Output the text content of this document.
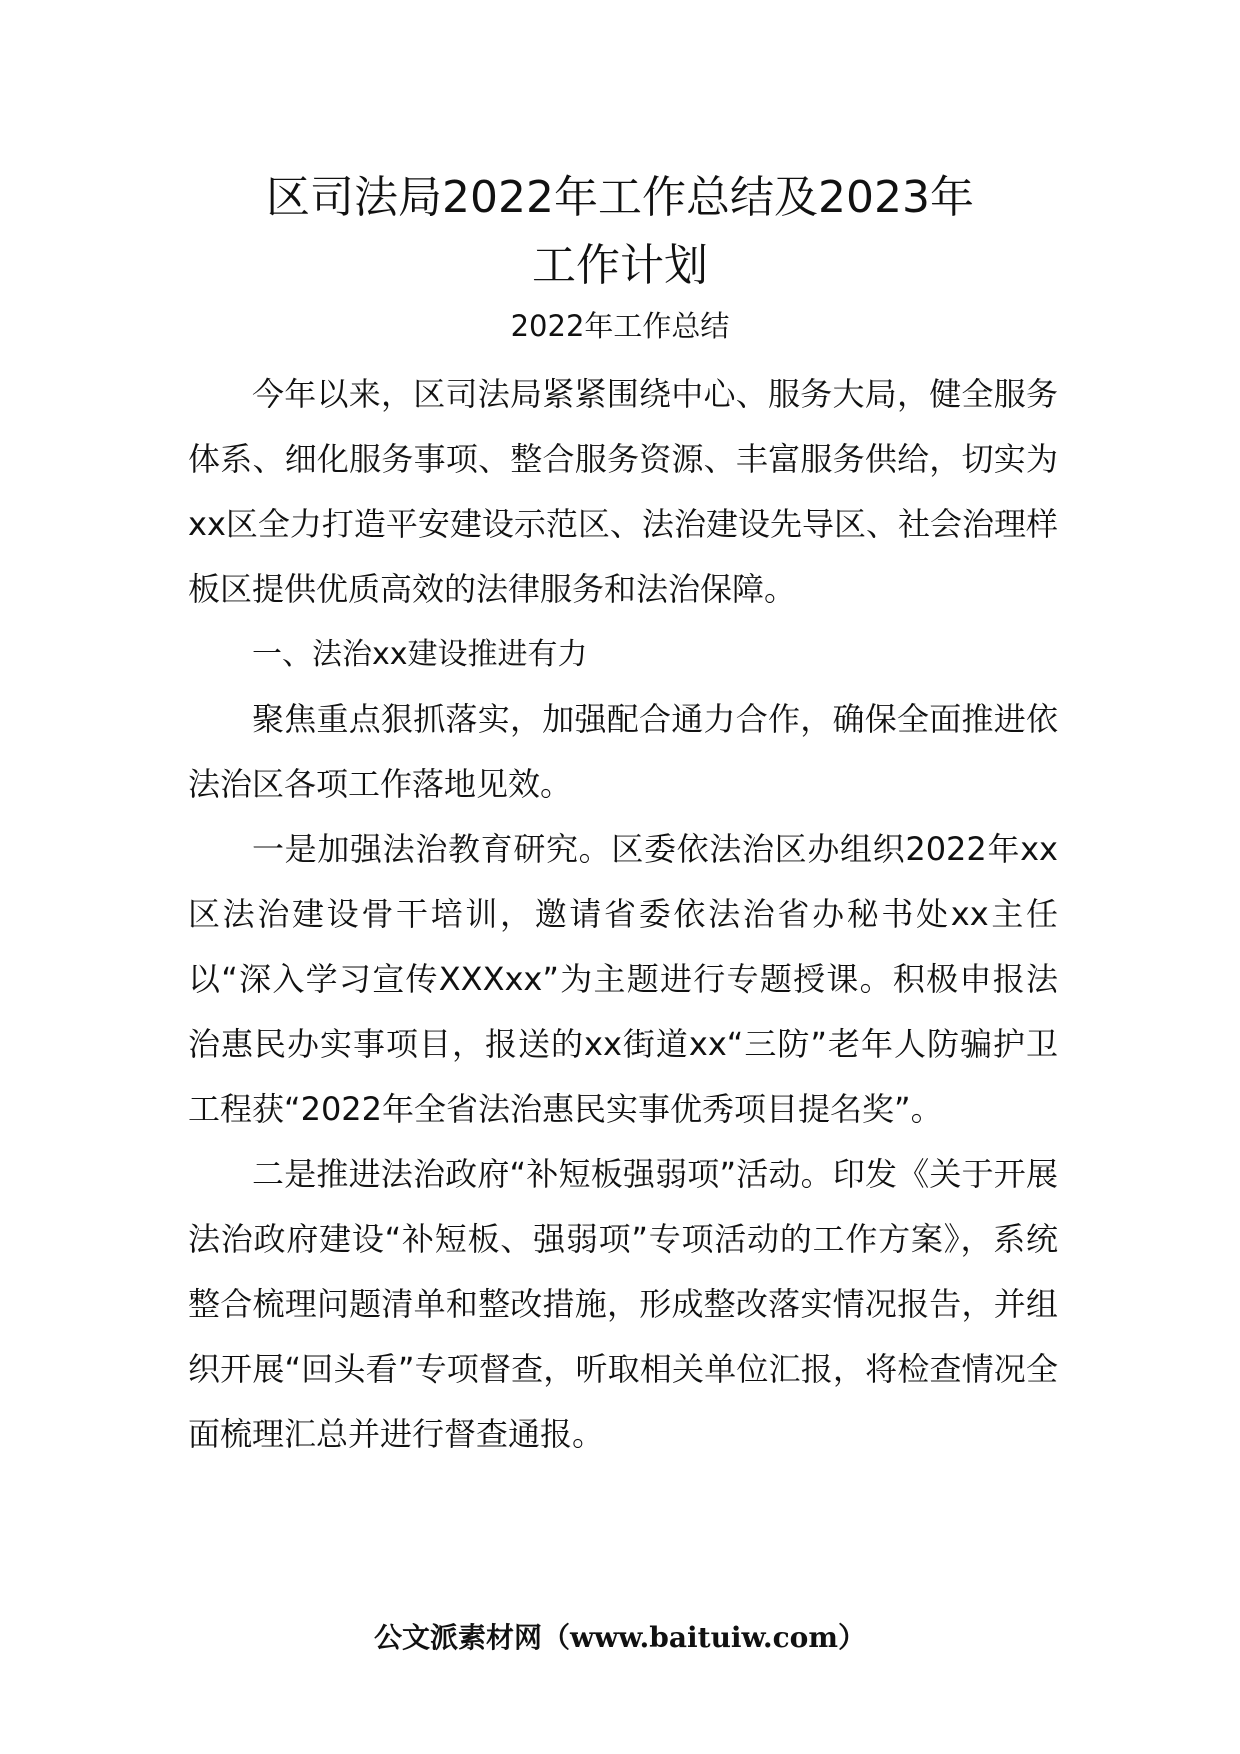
区司法局2022年工作总结及2023年
工作计划
2022年工作总结

今年以来，区司法局紧紧围绕中心、服务大局，健全服务体系、细化服务事项、整合服务资源、丰富服务供给，切实为xx区全力打造平安建设示范区、法治建设先导区、社会治理样板区提供优质高效的法律服务和法治保障。

一、法治xx建设推进有力

聚焦重点狠抓落实，加强配合通力合作，确保全面推进依法治区各项工作落地见效。

一是加强法治教育研究。区委依法治区办组织2022年xx区法治建设骨干培训，邀请省委依法治省办秘书处xx主任以“深入学习宣传XXXxx”为主题进行专题授课。积极申报法治惠民办实事项目，报送的xx街道xx“三防”老年人防骗护卫工程获“2022年全省法治惠民实事优秀项目提名奖”。

二是推进法治政府“补短板强弱项”活动。印发《关于开展法治政府建设“补短板、强弱项”专项活动的工作方案》，系统整合梳理问题清单和整改措施，形成整改落实情况报告，并组织开展“回头看”专项督查，听取相关单位汇报，将检查情况全面梳理汇总并进行督查通报。

公文派素材网（www.baituiw.com）
